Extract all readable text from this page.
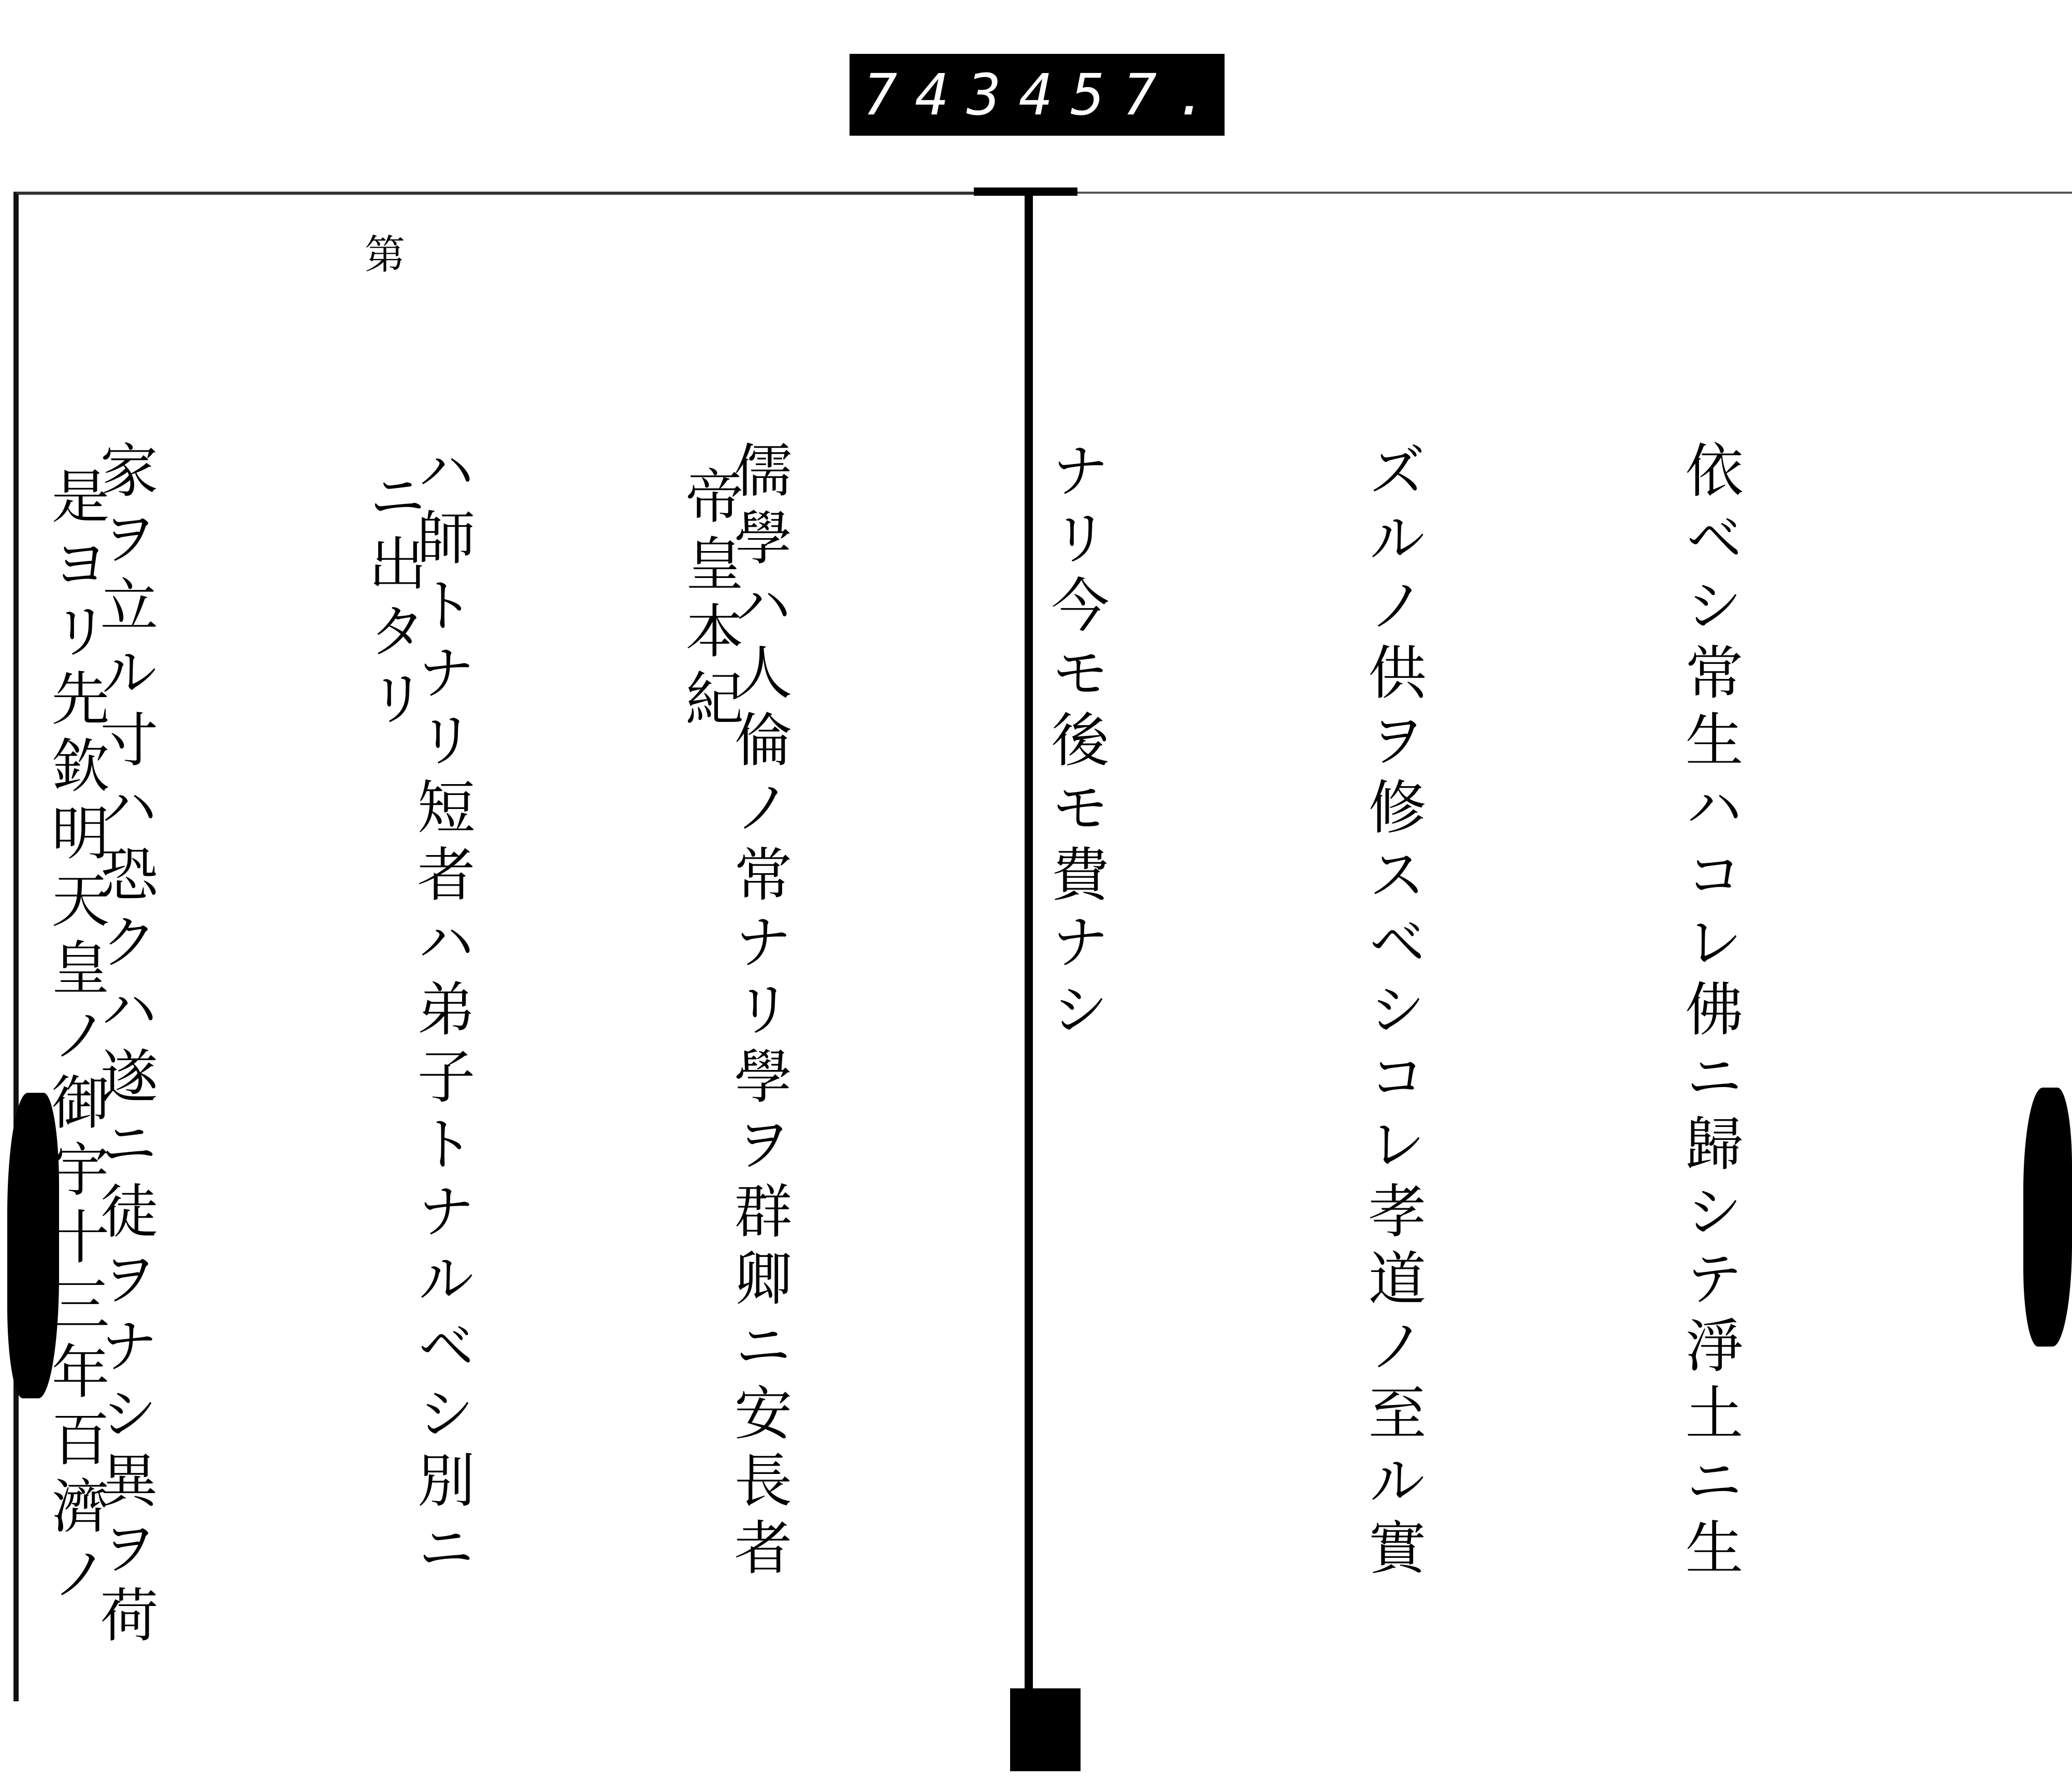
743 457.
第

依ベシ常生ハコレ佛ニ歸シテ淨土ニ生

ズルノ供ヲ修スベシコレ孝道ノ至ル實

ナリ今モ後モ費ナシ

儒學ハ人倫ノ常ナリ學ヲ群卿ニ安長者

ハ師トナリ短者ハ弟子トナルベシ別ニ

家ヲ立ル寸ハ恐クハ遂ニ徒ヲナシ異ヲ荷

	帝皇本紀

ニ出タリ

是ヨリ先欽明天皇ノ御宇十三年百濟ノ
